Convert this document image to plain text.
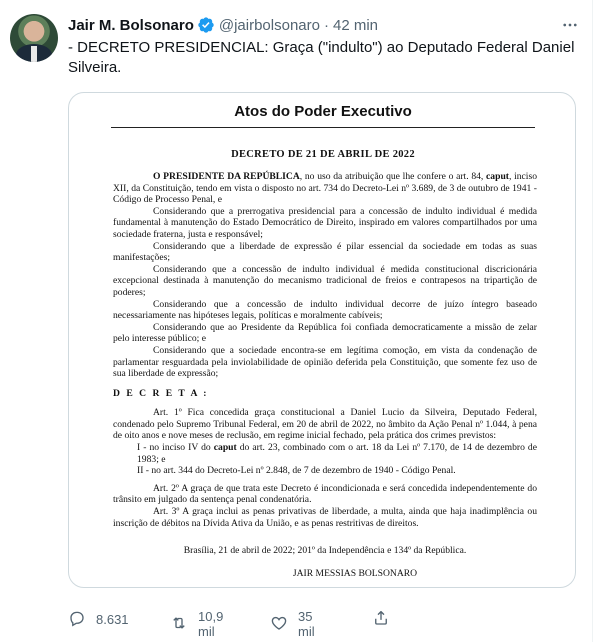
Jair M. Bolsonaro @jairbolsonaro · 42 min
- DECRETO PRESIDENCIAL: Graça ("indulto") ao Deputado Federal Daniel Silveira.
Atos do Poder Executivo
DECRETO DE 21 DE ABRIL DE 2022

O PRESIDENTE DA REPÚBLICA, no uso da atribuição que lhe confere o art. 84, caput, inciso XII, da Constituição, tendo em vista o disposto no art. 734 do Decreto-Lei nº 3.689, de 3 de outubro de 1941 - Código de Processo Penal, e

Considerando que a prerrogativa presidencial para a concessão de indulto individual é medida fundamental à manutenção do Estado Democrático de Direito, inspirado em valores compartilhados por uma sociedade fraterna, justa e responsável;

Considerando que a liberdade de expressão é pilar essencial da sociedade em todas as suas manifestações;

Considerando que a concessão de indulto individual é medida constitucional discricionária excepcional destinada à manutenção do mecanismo tradicional de freios e contrapesos na tripartição de poderes;

Considerando que a concessão de indulto individual decorre de juízo íntegro baseado necessariamente nas hipóteses legais, políticas e moralmente cabíveis;

Considerando que ao Presidente da República foi confiada democraticamente a missão de zelar pelo interesse público; e

Considerando que a sociedade encontra-se em legítima comoção, em vista da condenação de parlamentar resguardada pela inviolabilidade de opinião deferida pela Constituição, que somente fez uso de sua liberdade de expressão;

D E C R E T A :

Art. 1º Fica concedida graça constitucional a Daniel Lucio da Silveira, Deputado Federal, condenado pelo Supremo Tribunal Federal, em 20 de abril de 2022, no âmbito da Ação Penal nº 1.044, à pena de oito anos e nove meses de reclusão, em regime inicial fechado, pela prática dos crimes previstos:

I - no inciso IV do caput do art. 23, combinado com o art. 18 da Lei nº 7.170, de 14 de dezembro de 1983; e

II - no art. 344 do Decreto-Lei nº 2.848, de 7 de dezembro de 1940 - Código Penal.

Art. 2º A graça de que trata este Decreto é incondicionada e será concedida independentemente do trânsito em julgado da sentença penal condenatória.

Art. 3º A graça inclui as penas privativas de liberdade, a multa, ainda que haja inadimplência ou inscrição de débitos na Dívida Ativa da União, e as penas restritivas de direitos.

Brasília, 21 de abril de 2022; 201º da Independência e 134º da República.
JAIR MESSIAS BOLSONARO
8.631	10,9 mil
35 mil
